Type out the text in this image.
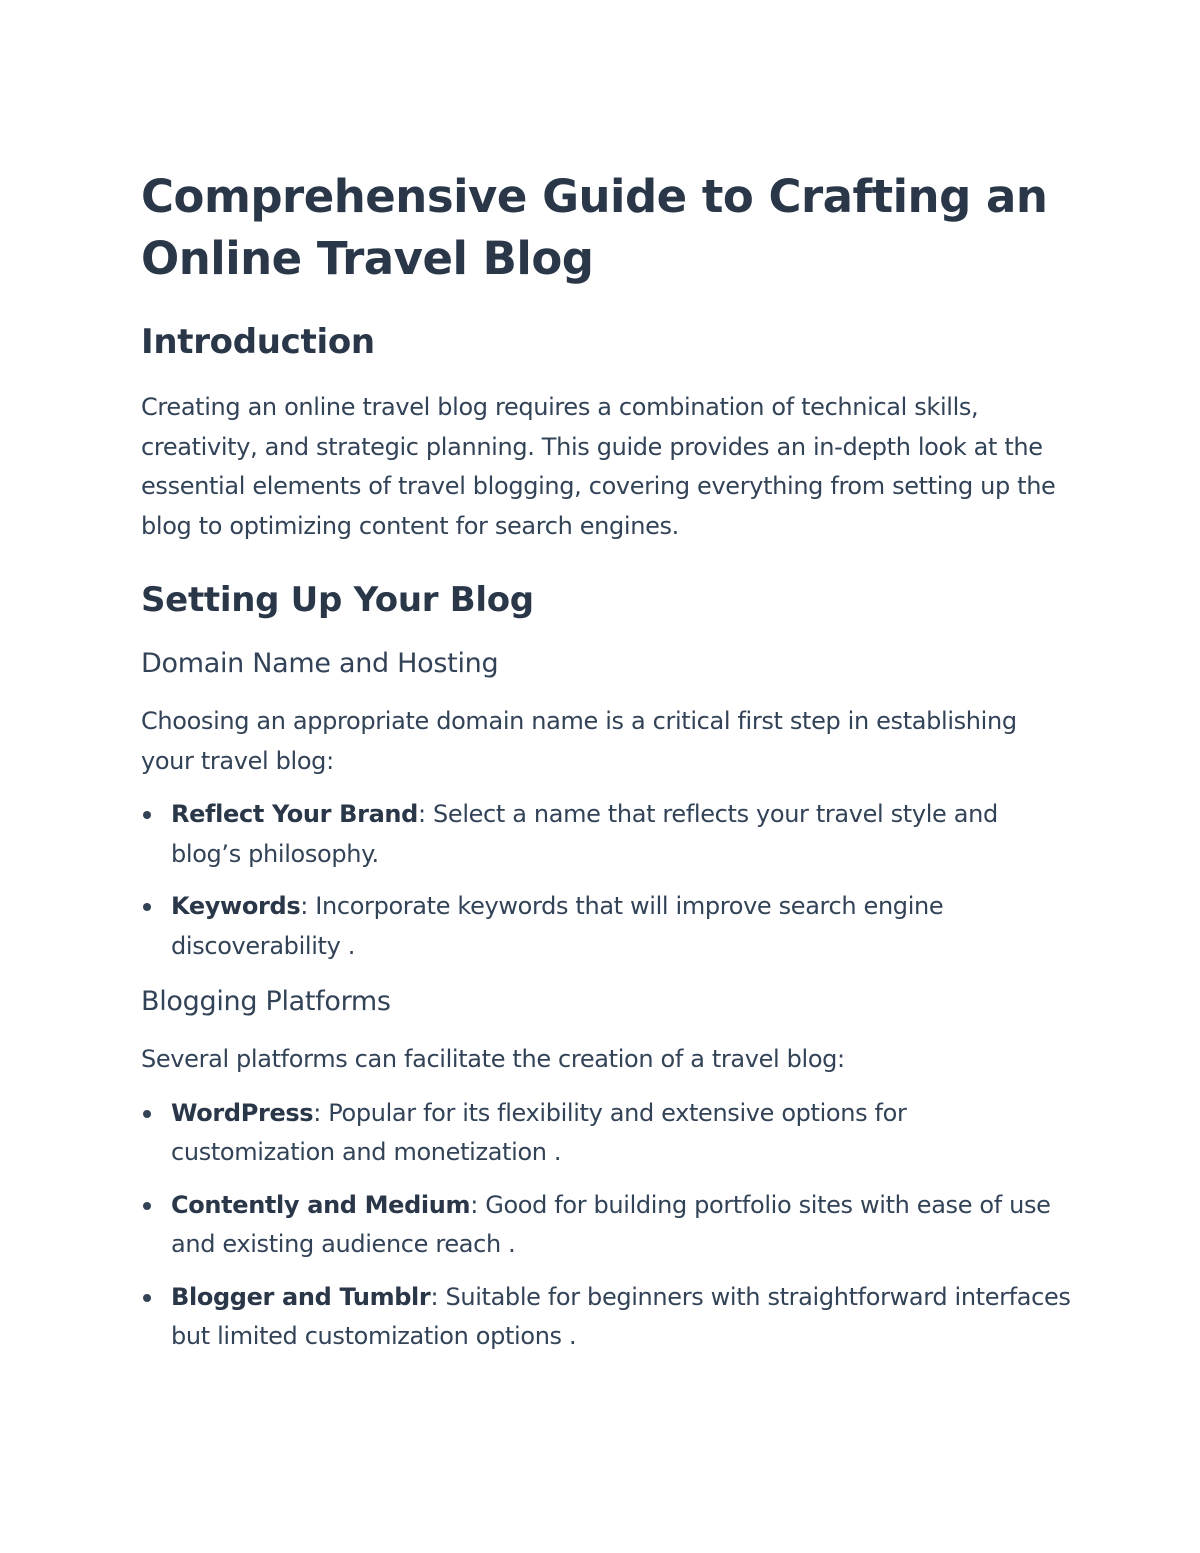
Comprehensive Guide to Crafting an Online Travel Blog
Introduction

Creating an online travel blog requires a combination of technical skills, creativity, and strategic planning. This guide provides an in-depth look at the essential elements of travel blogging, covering everything from setting up the blog to optimizing content for search engines.

Setting Up Your Blog
Domain Name and Hosting

Choosing an appropriate domain name is a critical first step in establishing your travel blog:

Reflect Your Brand: Select a name that reflects your travel style and blog’s philosophy.
Keywords: Incorporate keywords that will improve search engine discoverability .
Blogging Platforms

Several platforms can facilitate the creation of a travel blog:

WordPress: Popular for its flexibility and extensive options for customization and monetization .
Contently and Medium: Good for building portfolio sites with ease of use and existing audience reach .
Blogger and Tumblr: Suitable for beginners with straightforward interfaces but limited customization options .
